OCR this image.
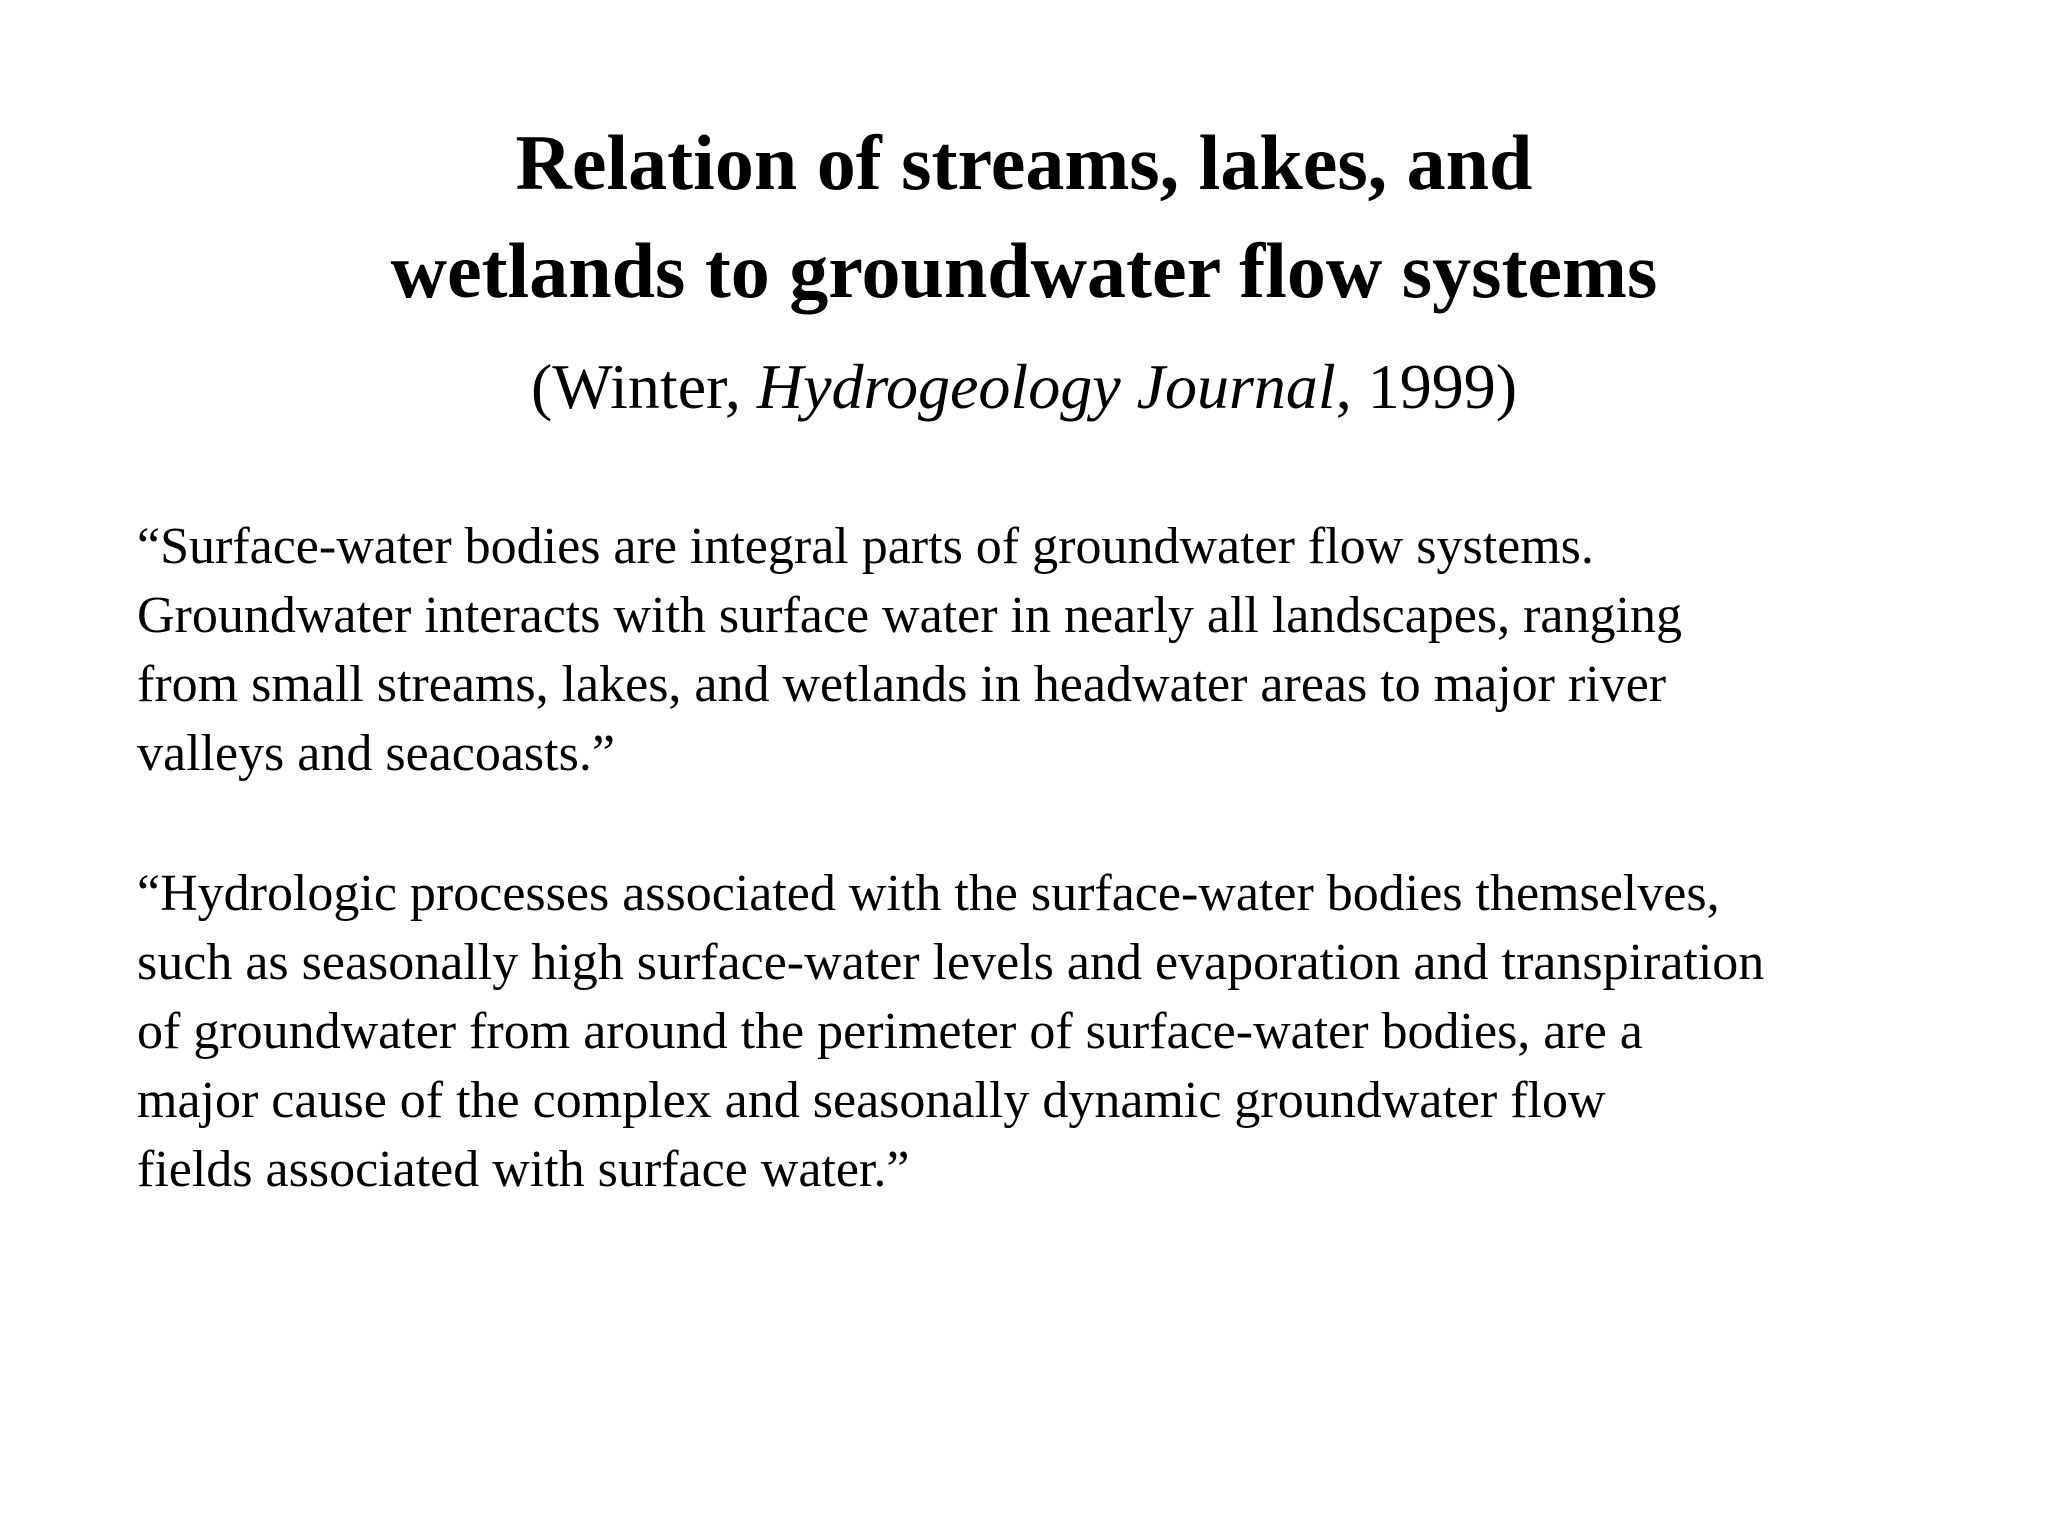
Relation of streams, lakes, and
wetlands to groundwater flow systems
(Winter, Hydrogeology Journal, 1999)
“Surface-water bodies are integral parts of groundwater flow systems.
Groundwater interacts with surface water in nearly all landscapes, ranging
from small streams, lakes, and wetlands in headwater areas to major river
valleys and seacoasts.”
“Hydrologic processes associated with the surface-water bodies themselves,
such as seasonally high surface-water levels and evaporation and transpiration
of groundwater from around the perimeter of surface-water bodies, are a
major cause of the complex and seasonally dynamic groundwater flow
fields associated with surface water.”
